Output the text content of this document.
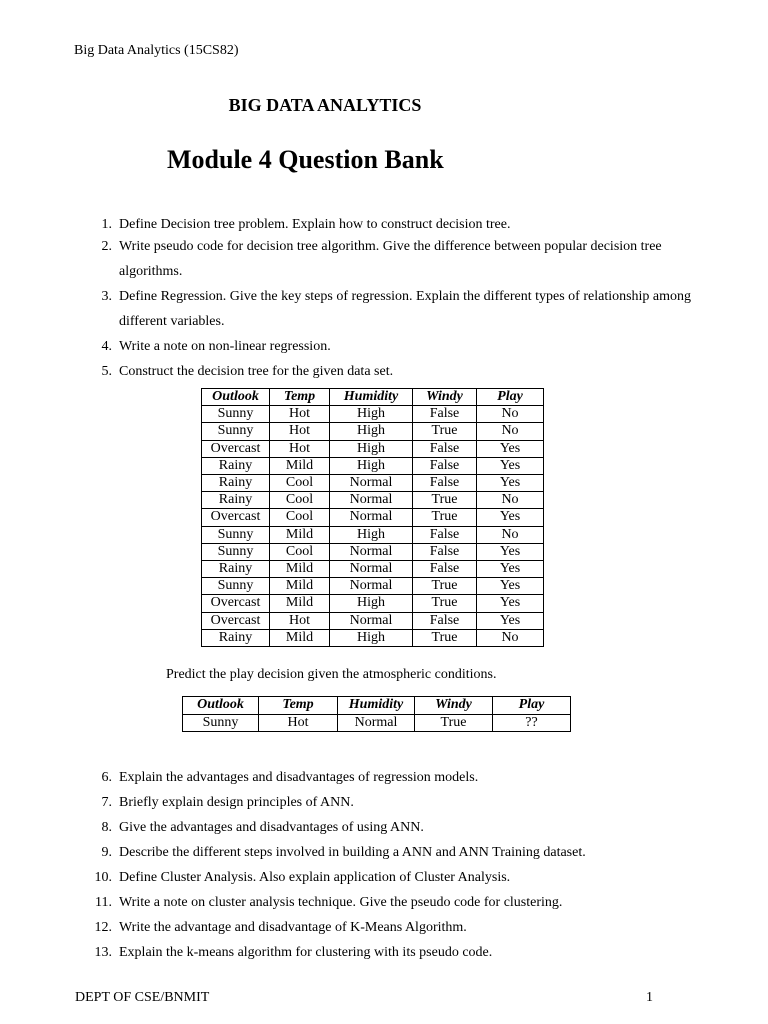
Big Data Analytics (15CS82)
BIG DATA ANALYTICS
Module 4 Question Bank
1. Define Decision tree problem. Explain how to construct decision tree.
2. Write pseudo code for decision tree algorithm. Give the difference between popular decision tree algorithms.
3. Define Regression. Give the key steps of regression. Explain the different types of relationship among different variables.
4. Write a note on non-linear regression.
5. Construct the decision tree for the given data set.
Outlook	Temp	Humidity	Windy	Play
Sunny	Hot	High	False	No
Sunny	Hot	High	True	No
Overcast	Hot	High	False	Yes
Rainy	Mild	High	False	Yes
Rainy	Cool	Normal	False	Yes
Rainy	Cool	Normal	True	No
Overcast	Cool	Normal	True	Yes
Sunny	Mild	High	False	No
Sunny	Cool	Normal	False	Yes
Rainy	Mild	Normal	False	Yes
Sunny	Mild	Normal	True	Yes
Overcast	Mild	High	True	Yes
Overcast	Hot	Normal	False	Yes
Rainy	Mild	High	True	No
Predict the play decision given the atmospheric conditions.
Outlook	Temp	Humidity	Windy	Play
Sunny	Hot	Normal	True	??
6. Explain the advantages and disadvantages of regression models.
7. Briefly explain design principles of ANN.
8. Give the advantages and disadvantages of using ANN.
9. Describe the different steps involved in building a ANN and ANN Training dataset.
10. Define Cluster Analysis. Also explain application of Cluster Analysis.
11. Write a note on cluster analysis technique. Give the pseudo code for clustering.
12. Write the advantage and disadvantage of K-Means Algorithm.
13. Explain the k-means algorithm for clustering with its pseudo code.
DEPT OF CSE/BNMIT	1
